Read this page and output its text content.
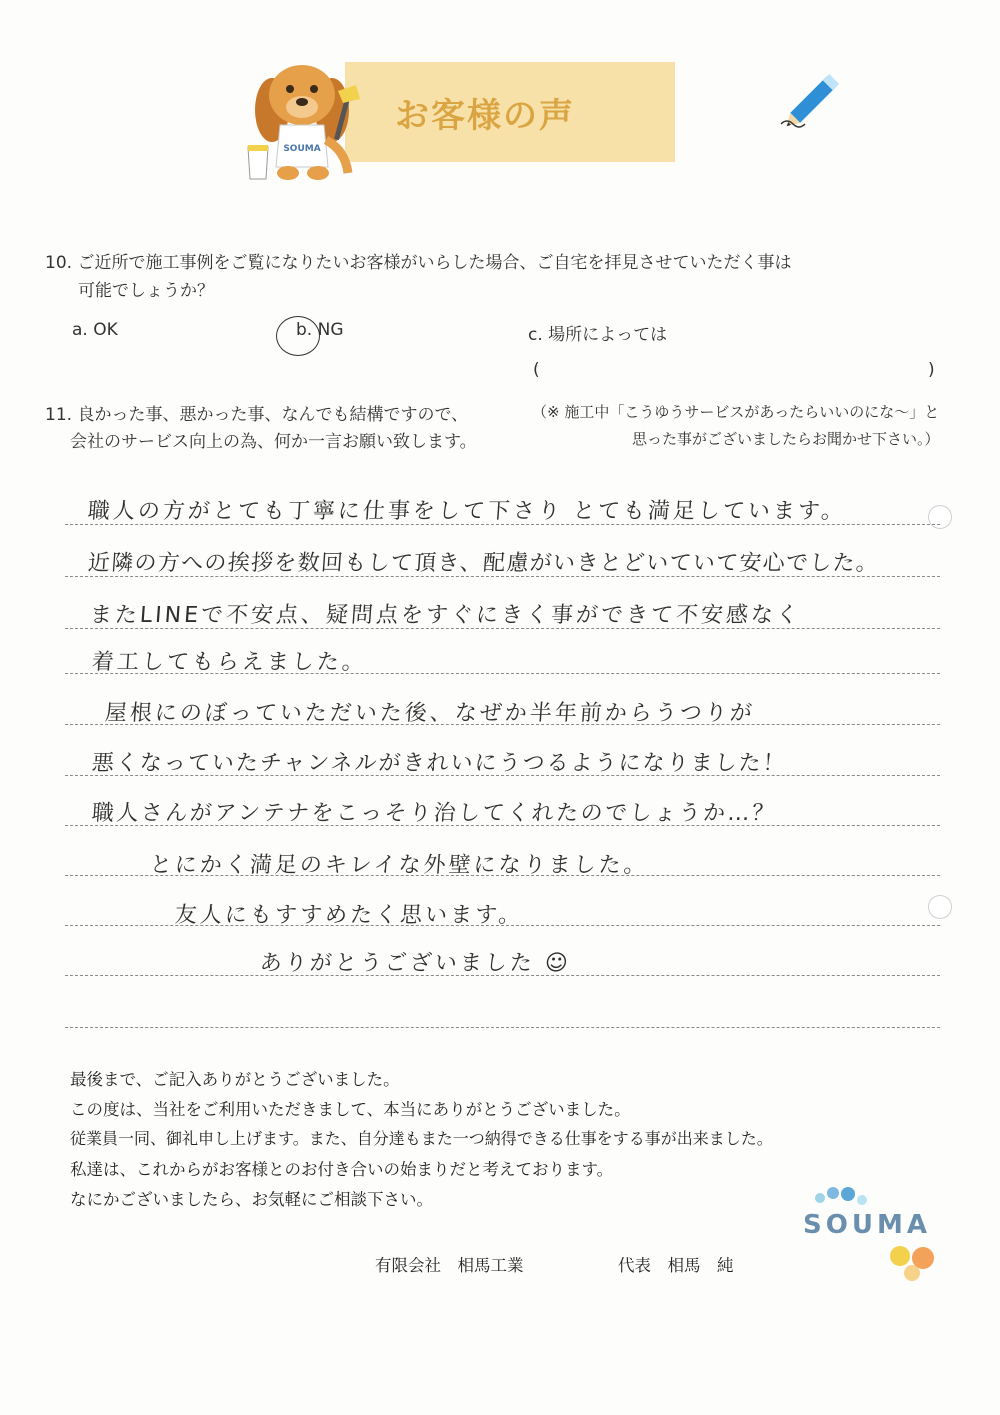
お客様の声
SOUMA
10. ご近所で施工事例をご覧になりたいお客様がいらした場合、ご自宅を拝見させていただく事は
可能でしょうか？
a. OK	b. NG	c. 場所によっては
(	)
11. 良かった事、悪かった事、なんでも結構ですので、
会社のサービス向上の為、何か一言お願い致します。
（※ 施工中「こうゆうサービスがあったらいいのにな～」と
思った事がございましたらお聞かせ下さい。）
職人の方がとても丁寧に仕事をして下さり とても満足しています。
近隣の方への挨拶を数回もして頂き、配慮がいきとどいていて安心でした。
またLINEで不安点、疑問点をすぐにきく事ができて不安感なく
着工してもらえました。
屋根にのぼっていただいた後、なぜか半年前からうつりが
悪くなっていたチャンネルがきれいにうつるようになりました！
職人さんがアンテナをこっそり治してくれたのでしょうか…？
とにかく満足のキレイな外壁になりました。
友人にもすすめたく思います。
ありがとうございました ☺
最後まで、ご記入ありがとうございました。
この度は、当社をご利用いただきまして、本当にありがとうございました。
従業員一同、御礼申し上げます。また、自分達もまた一つ納得できる仕事をする事が出来ました。
私達は、これからがお客様とのお付き合いの始まりだと考えております。
なにかございましたら、お気軽にご相談下さい。
有限会社　相馬工業	代表　相馬　純
SOUMA
